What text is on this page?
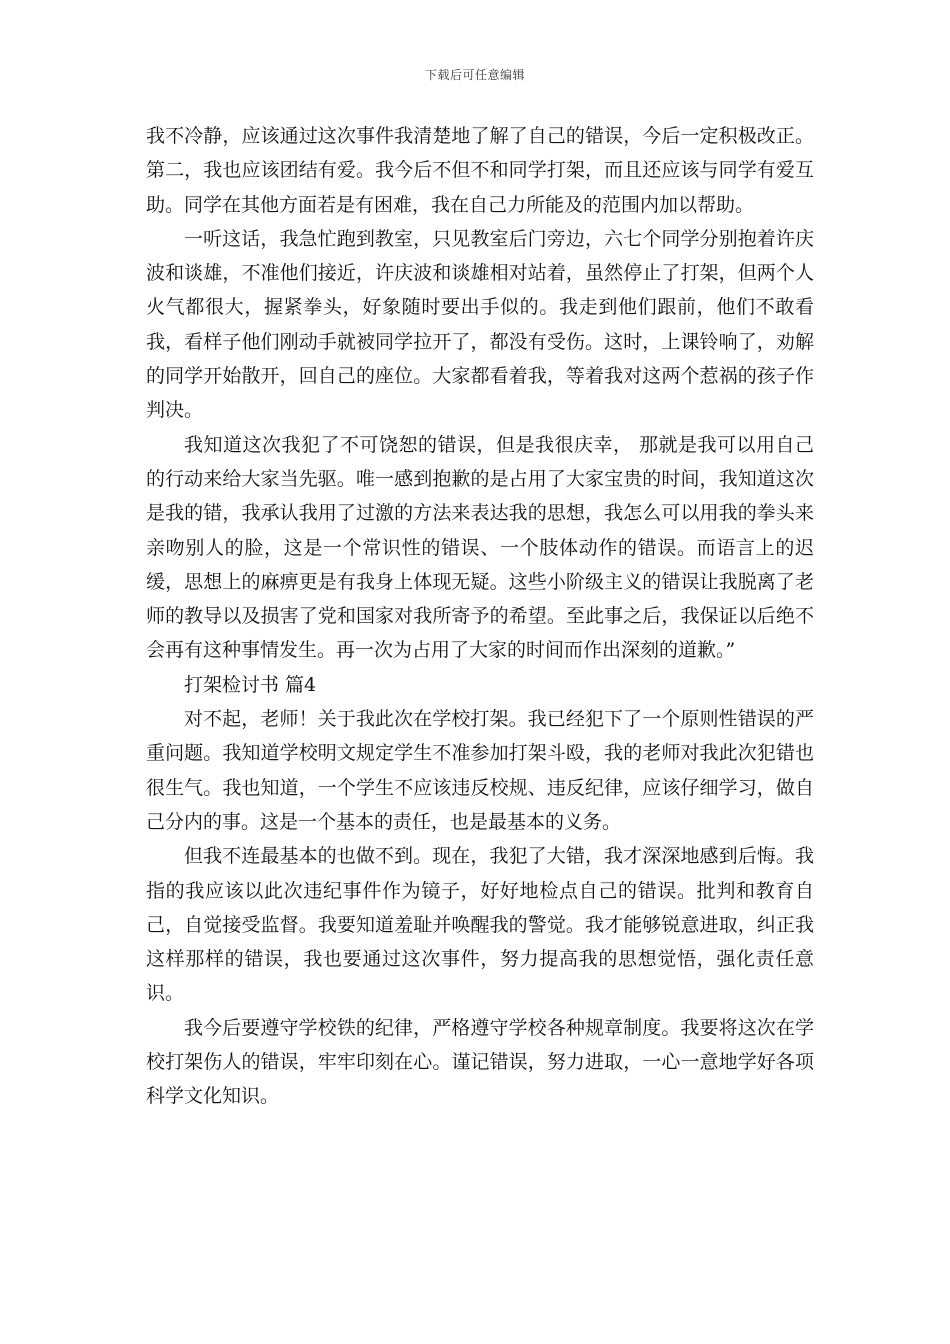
下载后可任意编辑

我不冷静，应该通过这次事件我清楚地了解了自己的错误，今后一定积极改正。第二，我也应该团结有爱。我今后不但不和同学打架，而且还应该与同学有爱互助。同学在其他方面若是有困难，我在自己力所能及的范围内加以帮助。

一听这话，我急忙跑到教室，只见教室后门旁边，六七个同学分别抱着许庆波和谈雄，不准他们接近，许庆波和谈雄相对站着，虽然停止了打架，但两个人火气都很大，握紧拳头，好象随时要出手似的。我走到他们跟前，他们不敢看我，看样子他们刚动手就被同学拉开了，都没有受伤。这时，上课铃响了，劝解的同学开始散开，回自己的座位。大家都看着我，等着我对这两个惹祸的孩子作判决。

我知道这次我犯了不可饶恕的错误，但是我很庆幸， 那就是我可以用自己的行动来给大家当先驱。唯一感到抱歉的是占用了大家宝贵的时间，我知道这次是我的错，我承认我用了过激的方法来表达我的思想，我怎么可以用我的拳头来亲吻别人的脸，这是一个常识性的错误、一个肢体动作的错误。而语言上的迟缓，思想上的麻痹更是有我身上体现无疑。这些小阶级主义的错误让我脱离了老师的教导以及损害了党和国家对我所寄予的希望。至此事之后，我保证以后绝不会再有这种事情发生。再一次为占用了大家的时间而作出深刻的道歉。”

打架检讨书 篇4

对不起，老师！关于我此次在学校打架。我已经犯下了一个原则性错误的严重问题。我知道学校明文规定学生不准参加打架斗殴，我的老师对我此次犯错也很生气。我也知道，一个学生不应该违反校规、违反纪律，应该仔细学习，做自己分内的事。这是一个基本的责任，也是最基本的义务。

但我不连最基本的也做不到。现在，我犯了大错，我才深深地感到后悔。我指的我应该以此次违纪事件作为镜子，好好地检点自己的错误。批判和教育自己，自觉接受监督。我要知道羞耻并唤醒我的警觉。我才能够锐意进取，纠正我这样那样的错误，我也要通过这次事件，努力提高我的思想觉悟，强化责任意识。

我今后要遵守学校铁的纪律，严格遵守学校各种规章制度。我要将这次在学校打架伤人的错误，牢牢印刻在心。谨记错误，努力进取，一心一意地学好各项科学文化知识。
